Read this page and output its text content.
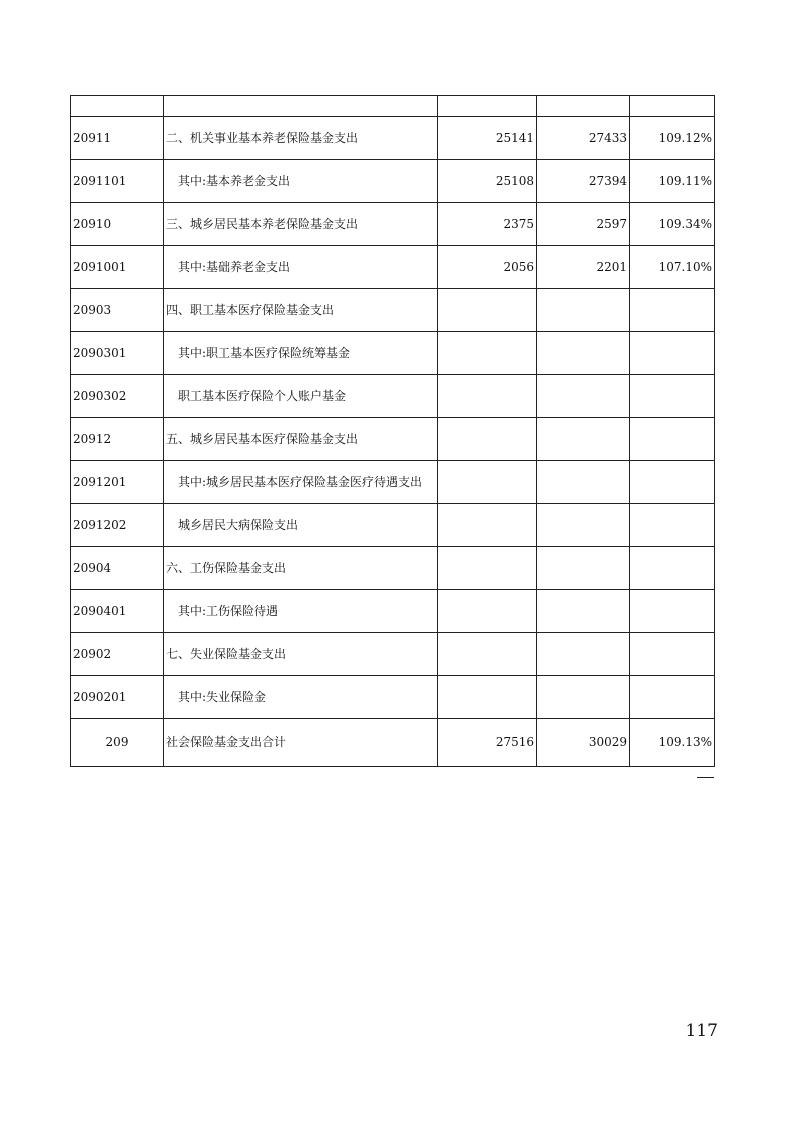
20911	二、机关事业基本养老保险基金支出	25141	27433	109.12%
2091101	其中:基本养老金支出	25108	27394	109.11%
20910	三、城乡居民基本养老保险基金支出	2375	2597	109.34%
2091001	其中:基础养老金支出	2056	2201	107.10%
20903	四、职工基本医疗保险基金支出			
2090301	其中:职工基本医疗保险统筹基金			
2090302	职工基本医疗保险个人账户基金			
20912	五、城乡居民基本医疗保险基金支出			
2091201	其中:城乡居民基本医疗保险基金医疗待遇支出			
2091202	城乡居民大病保险支出			
20904	六、工伤保险基金支出			
2090401	其中:工伤保险待遇			
20902	七、失业保险基金支出			
2090201	其中:失业保险金			
209	社会保险基金支出合计	27516	30029	109.13%
117
